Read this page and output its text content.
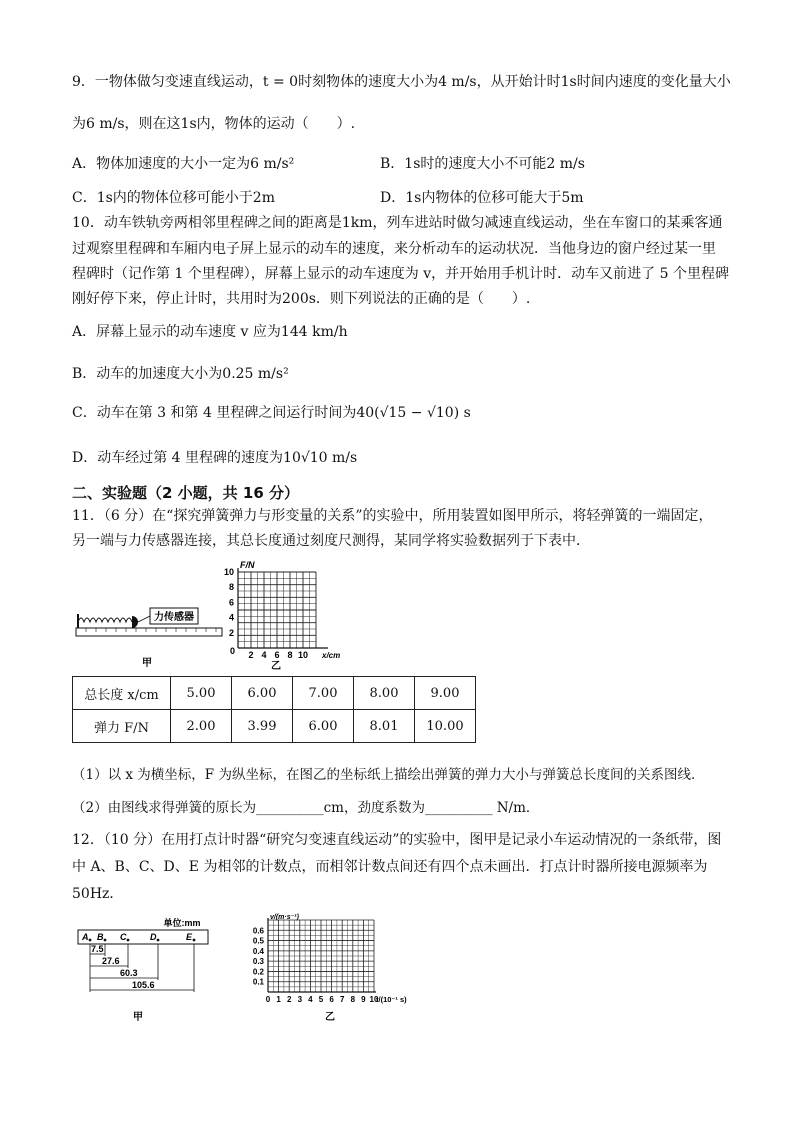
9．一物体做匀变速直线运动，t = 0时刻物体的速度大小为4 m/s，从开始计时1s时间内速度的变化量大小
为6 m/s，则在这1s内，物体的运动（　　）.
A．物体加速度的大小一定为6 m/s²	B．1s时的速度大小不可能2 m/s
C．1s内的物体位移可能小于2m	D．1s内物体的位移可能大于5m
10．动车铁轨旁两相邻里程碑之间的距离是1km，列车进站时做匀减速直线运动，坐在车窗口的某乘客通
过观察里程碑和车厢内电子屏上显示的动车的速度，来分析动车的运动状况．当他身边的窗户经过某一里
程碑时（记作第 1 个里程碑），屏幕上显示的动车速度为 v，并开始用手机计时．动车又前进了 5 个里程碑
刚好停下来，停止计时，共用时为200s．则下列说法的正确的是（　　）.
A．屏幕上显示的动车速度 v 应为144 km/h
B．动车的加速度大小为0.25 m/s²
C．动车在第 3 和第 4 里程碑之间运行时间为40(√15 − √10) s
D．动车经过第 4 里程碑的速度为10√10 m/s
二、实验题（2 小题，共 16 分）
11．（6 分）在“探究弹簧弹力与形变量的关系”的实验中，所用装置如图甲所示，将轻弹簧的一端固定，
另一端与力传感器连接，其总长度通过刻度尺测得，某同学将实验数据列于下表中．
力传感器
甲
F/N
x/cm
2
4
6
8
10
2 4 6 8 10
0
乙
总长度 x/cm	5.00	6.00	7.00	8.00	9.00
弹力 F/N	2.00	3.99	6.00	8.01	10.00
（1）以 x 为横坐标，F 为纵坐标，在图乙的坐标纸上描绘出弹簧的弹力大小与弹簧总长度间的关系图线．
（2）由图线求得弹簧的原长为__________cm，劲度系数为__________ N/m．
12．（10 分）在用打点计时器“研究匀变速直线运动”的实验中，图甲是记录小车运动情况的一条纸带，图
中 A、B、C、D、E 为相邻的计数点，而相邻计数点间还有四个点未画出．打点计时器所接电源频率为
50Hz．
单位:mm
A B C	D	E
7.5
27.6
60.3
105.6
甲
v/(m·s⁻¹)
t/(10⁻¹ s)
0.1
0.2
0.3
0.4
0.5
0.6
0 1 2 3 4 5 6 7 8 9 10
乙
